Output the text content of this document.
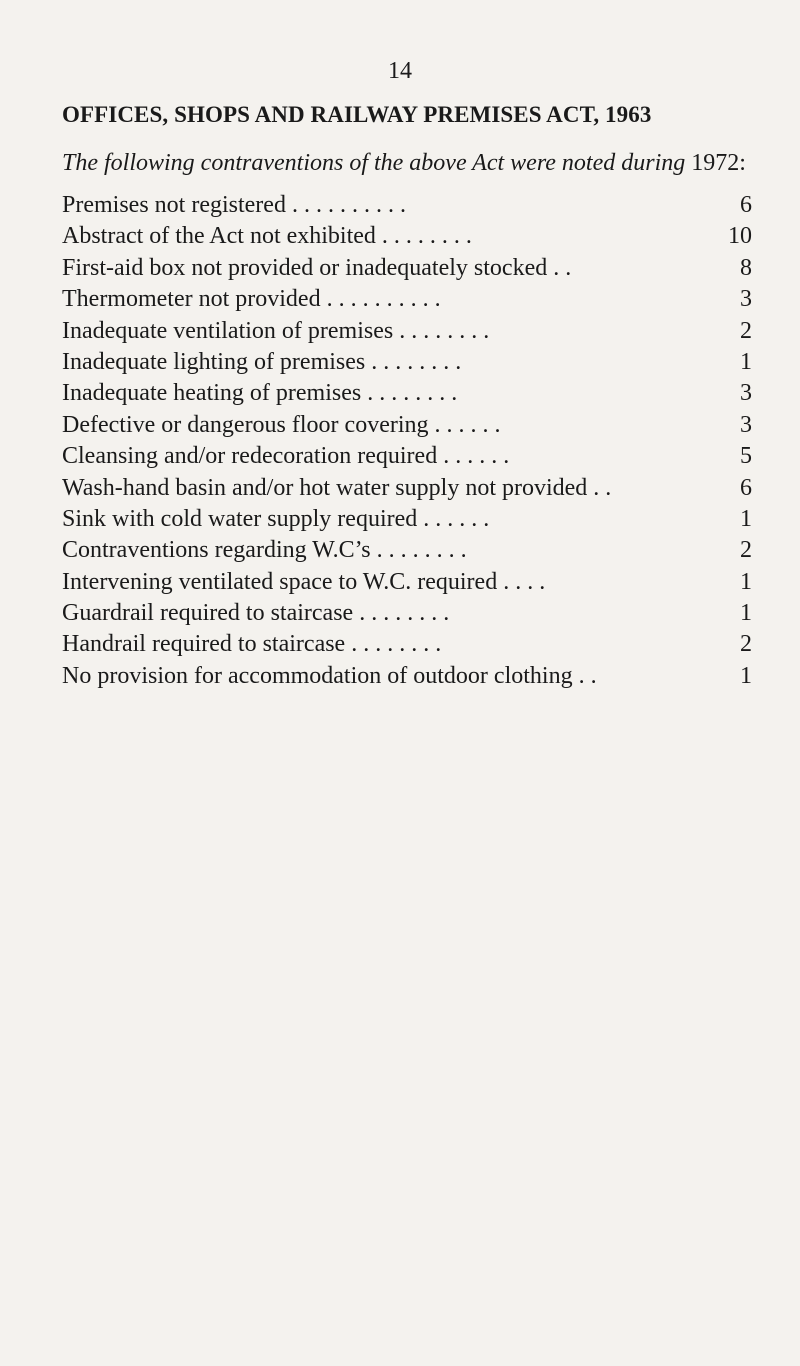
14
OFFICES, SHOPS AND RAILWAY PREMISES ACT, 1963
The following contraventions of the above Act were noted during 1972:
Premises not registered . . . . . . . . . .	6
Abstract of the Act not exhibited . . . . . . . .	10
First-aid box not provided or inadequately stocked . .	8
Thermometer not provided . . . . . . . . . .	3
Inadequate ventilation of premises . . . . . . . .	2
Inadequate lighting of premises . . . . . . . .	1
Inadequate heating of premises . . . . . . . .	3
Defective or dangerous floor covering . . . . . .	3
Cleansing and/or redecoration required . . . . . .	5
Wash-hand basin and/or hot water supply not provided . .	6
Sink with cold water supply required . . . . . .	1
Contraventions regarding W.C’s . . . . . . . .	2
Intervening ventilated space to W.C. required . . . .	1
Guardrail required to staircase . . . . . . . .	1
Handrail required to staircase . . . . . . . .	2
No provision for accommodation of outdoor clothing . .	1
